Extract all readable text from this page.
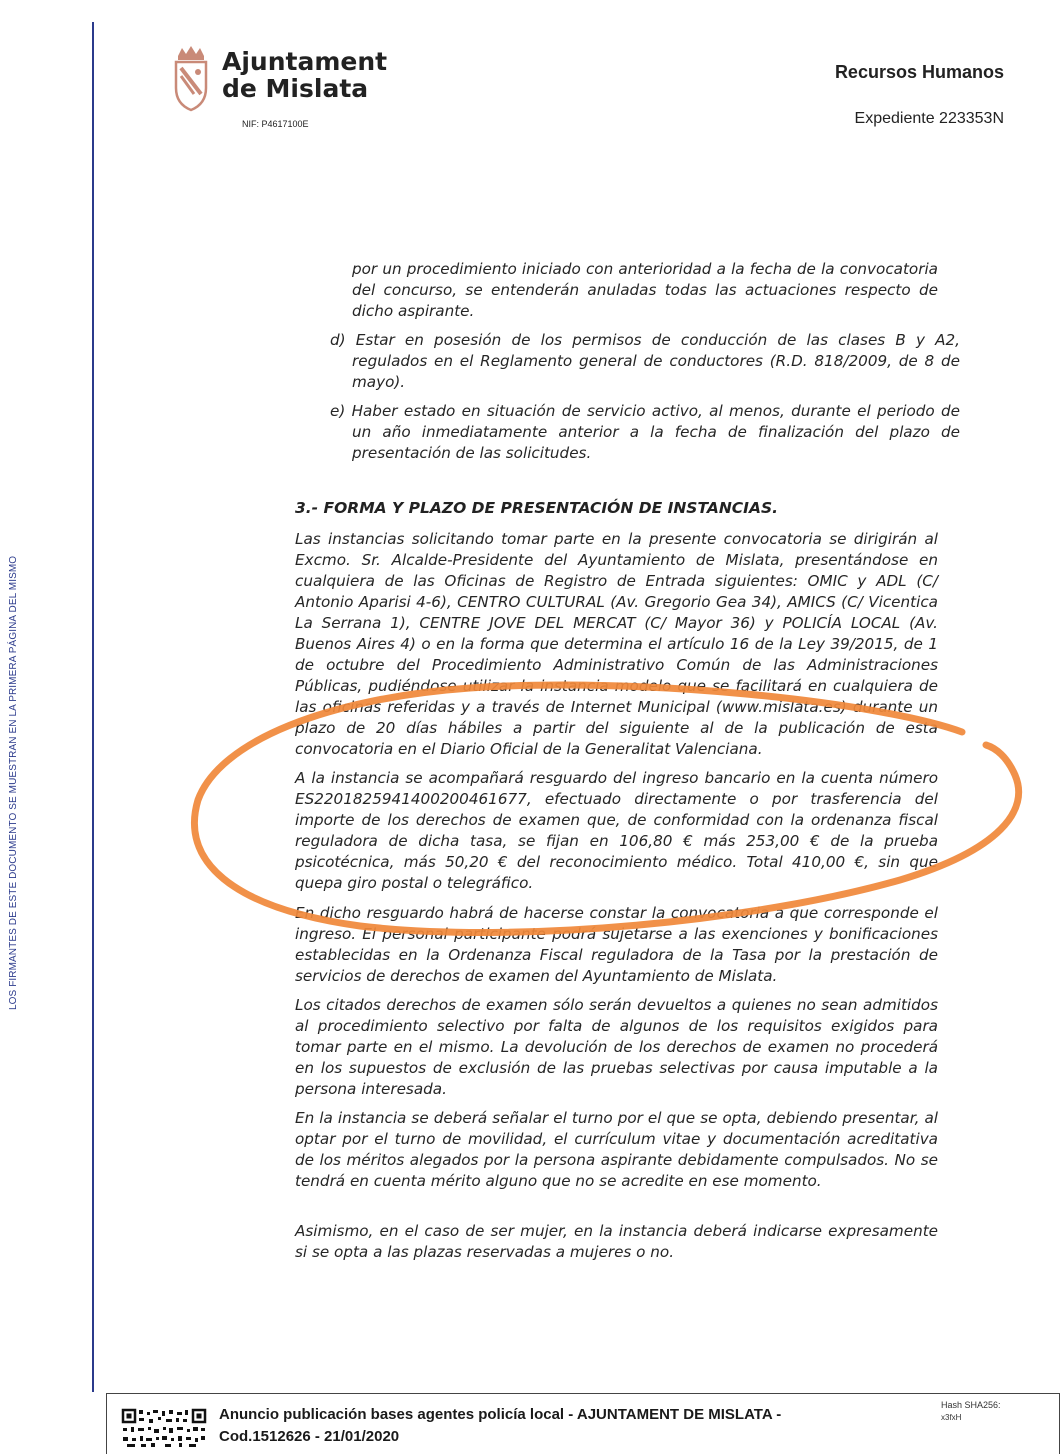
LOS FIRMANTES DE ESTE DOCUMENTO SE MUESTRAN EN LA PRIMERA PÁGINA DEL MISMO
Ajuntament
de Mislata
NIF: P4617100E
Recursos Humanos
Expediente 223353N

por un procedimiento iniciado con anterioridad a la fecha de la convocatoria del concurso, se entenderán anuladas todas las actuaciones respecto de dicho aspirante.

d) Estar en posesión de los permisos de conducción de las clases B y A2, regulados en el Reglamento general de conductores (R.D. 818/2009, de 8 de mayo).

e) Haber estado en situación de servicio activo, al menos, durante el periodo de un año inmediatamente anterior a la fecha de finalización del plazo de presentación de las solicitudes.

3.- FORMA Y PLAZO DE PRESENTACIÓN DE INSTANCIAS.

Las instancias solicitando tomar parte en la presente convocatoria se dirigirán al Excmo. Sr. Alcalde-Presidente del Ayuntamiento de Mislata, presentándose en cualquiera de las Oficinas de Registro de Entrada siguientes: OMIC y ADL (C/ Antonio Aparisi 4-6), CENTRO CULTURAL (Av. Gregorio Gea 34), AMICS (C/ Vicentica La Serrana 1), CENTRE JOVE DEL MERCAT (C/ Mayor 36) y POLICÍA LOCAL (Av. Buenos Aires 4) o en la forma que determina el artículo 16 de la Ley 39/2015, de 1 de octubre del Procedimiento Administrativo Común de las Administraciones Públicas, pudiéndose utilizar la instancia modelo que se facilitará en cualquiera de las oficinas referidas y a través de Internet Municipal (www.mislata.es) durante un plazo de 20 días hábiles a partir del siguiente al de la publicación de esta convocatoria en el Diario Oficial de la Generalitat Valenciana.

A la instancia se acompañará resguardo del ingreso bancario en la cuenta número ES2201825941400200461677, efectuado directamente o por trasferencia del importe de los derechos de examen que, de conformidad con la ordenanza fiscal reguladora de dicha tasa, se fijan en 106,80 € más 253,00 € de la prueba psicotécnica, más 50,20 € del reconocimiento médico. Total 410,00 €, sin que quepa giro postal o telegráfico.

En dicho resguardo habrá de hacerse constar la convocatoria a que corresponde el ingreso. El personal participante podrá sujetarse a las exenciones y bonificaciones establecidas en la Ordenanza Fiscal reguladora de la Tasa por la prestación de servicios de derechos de examen del Ayuntamiento de Mislata.

Los citados derechos de examen sólo serán devueltos a quienes no sean admitidos al procedimiento selectivo por falta de algunos de los requisitos exigidos para tomar parte en el mismo. La devolución de los derechos de examen no procederá en los supuestos de exclusión de las pruebas selectivas por causa imputable a la persona interesada.

En la instancia se deberá señalar el turno por el que se opta, debiendo presentar, al optar por el turno de movilidad, el currículum vitae y documentación acreditativa de los méritos alegados por la persona aspirante debidamente compulsados. No se tendrá en cuenta mérito alguno que no se acredite en ese momento.

Asimismo, en el caso de ser mujer, en la instancia deberá indicarse expresamente si se opta a las plazas reservadas a mujeres o no.

Anuncio publicación bases agentes policía local - AJUNTAMENT DE MISLATA -
Cod.1512626 - 21/01/2020
Hash SHA256:
x3fxH
